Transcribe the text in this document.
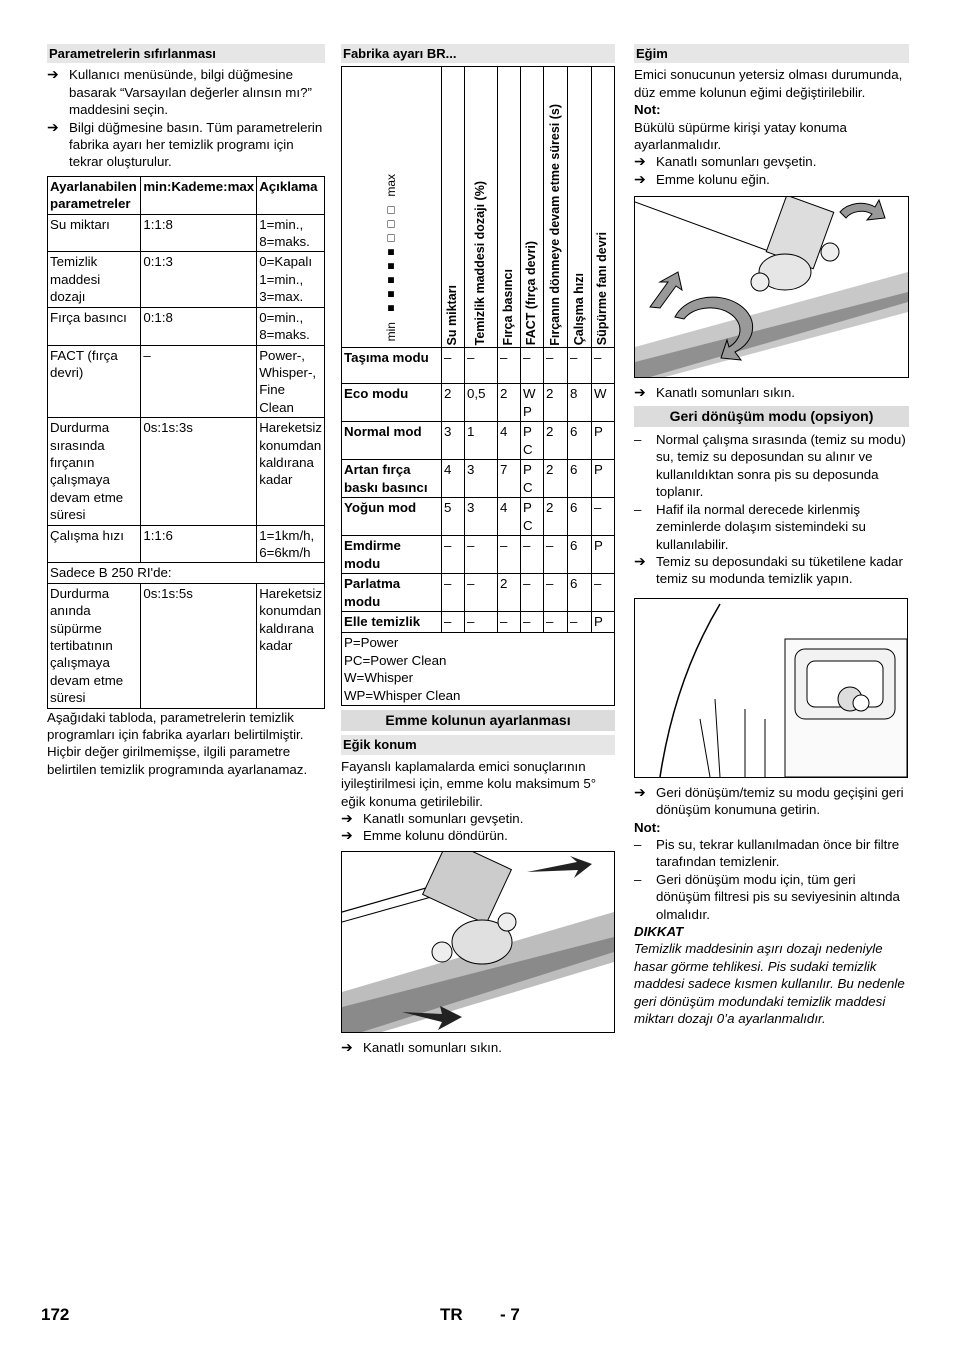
Parametrelerin sıfırlanması
➔ Kullanıcı menüsünde, bilgi düğmesine basarak “Varsayılan değerler alınsın mı?” maddesini seçin.
➔ Bilgi düğmesine basın. Tüm parametrelerin fabrika ayarı her temizlik programı için tekrar oluşturulur.
Ayarlanabilen parametreler	min:Kademe:max	Açıklama
Su miktarı	1:1:8	1=min., 8=maks.
Temizlik maddesi dozajı	0:1:3	0=Kapalı 1=min., 3=max.
Fırça basıncı	0:1:8	0=min., 8=maks.
FACT (fırça devri)	–	Power-, Whisper-, Fine Clean
Durdurma sırasında fırçanın çalışmaya devam etme süresi	0s:1s:3s	Hareketsiz konumdan kaldırana kadar
Çalışma hızı	1:1:6	1=1km/h, 6=6km/h
Sadece B 250 RI'de:		
Durdurma anında süpürme tertibatının çalışmaya devam etme süresi	0s:1s:5s	Hareketsiz konumdan kaldırana kadar

Aşağıdaki tabloda, parametrelerin temizlik programları için fabrika ayarları belirtilmiştir. Hiçbir değer girilmemişse, ilgili parametre belirtilen temizlik programında ayarlanamaz.

Fabrika ayarı BR...
min  ■■■■■□□□  max	Su miktarı	Temizlik maddesi dozajı (%)	Fırça basıncı	FACT (fırça devri)	Fırçanın dönmeye devam etme süresi (s)	Çalışma hızı	Süpürme fanı devri

Taşıma modu	–	–	–	–	–	–	–
Eco modu	2	0,5	2	W P	2	8	W
Normal mod	3	1	4	P C	2	6	P
Artan fırça baskı basıncı	4	3	7	P C	2	6	P
Yoğun mod	5	3	4	P C	2	6	–
Emdirme modu	–	–	–	–	–	6	P
Parlatma modu	–	–	2	–	–	6	–
Elle temizlik	–	–	–	–	–	–	P

P=Power
PC=Power Clean
W=Whisper
WP=Whisper Clean							
Emme kolunun ayarlanması
Eğik konum

Fayanslı kaplamalarda emici sonuçlarının iyileştirilmesi için, emme kolu maksimum 5° eğik konuma getirilebilir.

➔ Kanatlı somunları gevşetin.
➔ Emme kolunu döndürün.
➔ Kanatlı somunları sıkın.
Eğim

Emici sonucunun yetersiz olması durumunda, düz emme kolunun eğimi değiştirilebilir.

Not:

Bükülü süpürme kirişi yatay konuma ayarlanmalıdır.

➔ Kanatlı somunları gevşetin.
➔ Emme kolunu eğin.
➔ Kanatlı somunları sıkın.
Geri dönüşüm modu (opsiyon)
–	Normal çalışma sırasında (temiz su modu) su, temiz su deposundan su alınır ve kullanıldıktan sonra pis su deposunda toplanır.
–	Hafif ila normal derecede kirlenmiş zeminlerde dolaşım sistemindeki su kullanılabilir.
➔ Temiz su deposundaki su tüketilene kadar temiz su modunda temizlik yapın.
➔ Geri dönüşüm/temiz su modu geçişini geri dönüşüm konumuna getirin.

Not:

–	Pis su, tekrar kullanılmadan önce bir filtre tarafından temizlenir.
–	Geri dönüşüm modu için, tüm geri dönüşüm filtresi pis su seviyesinin altında olmalıdır.

DIKKAT

Temizlik maddesinin aşırı dozajı nedeniyle hasar görme tehlikesi. Pis sudaki temizlik maddesi sadece kısmen kullanılır. Bu nedenle geri dönüşüm modundaki temizlik maddesi miktarı dozajı 0’a ayarlanmalıdır.

172	TR - 7
